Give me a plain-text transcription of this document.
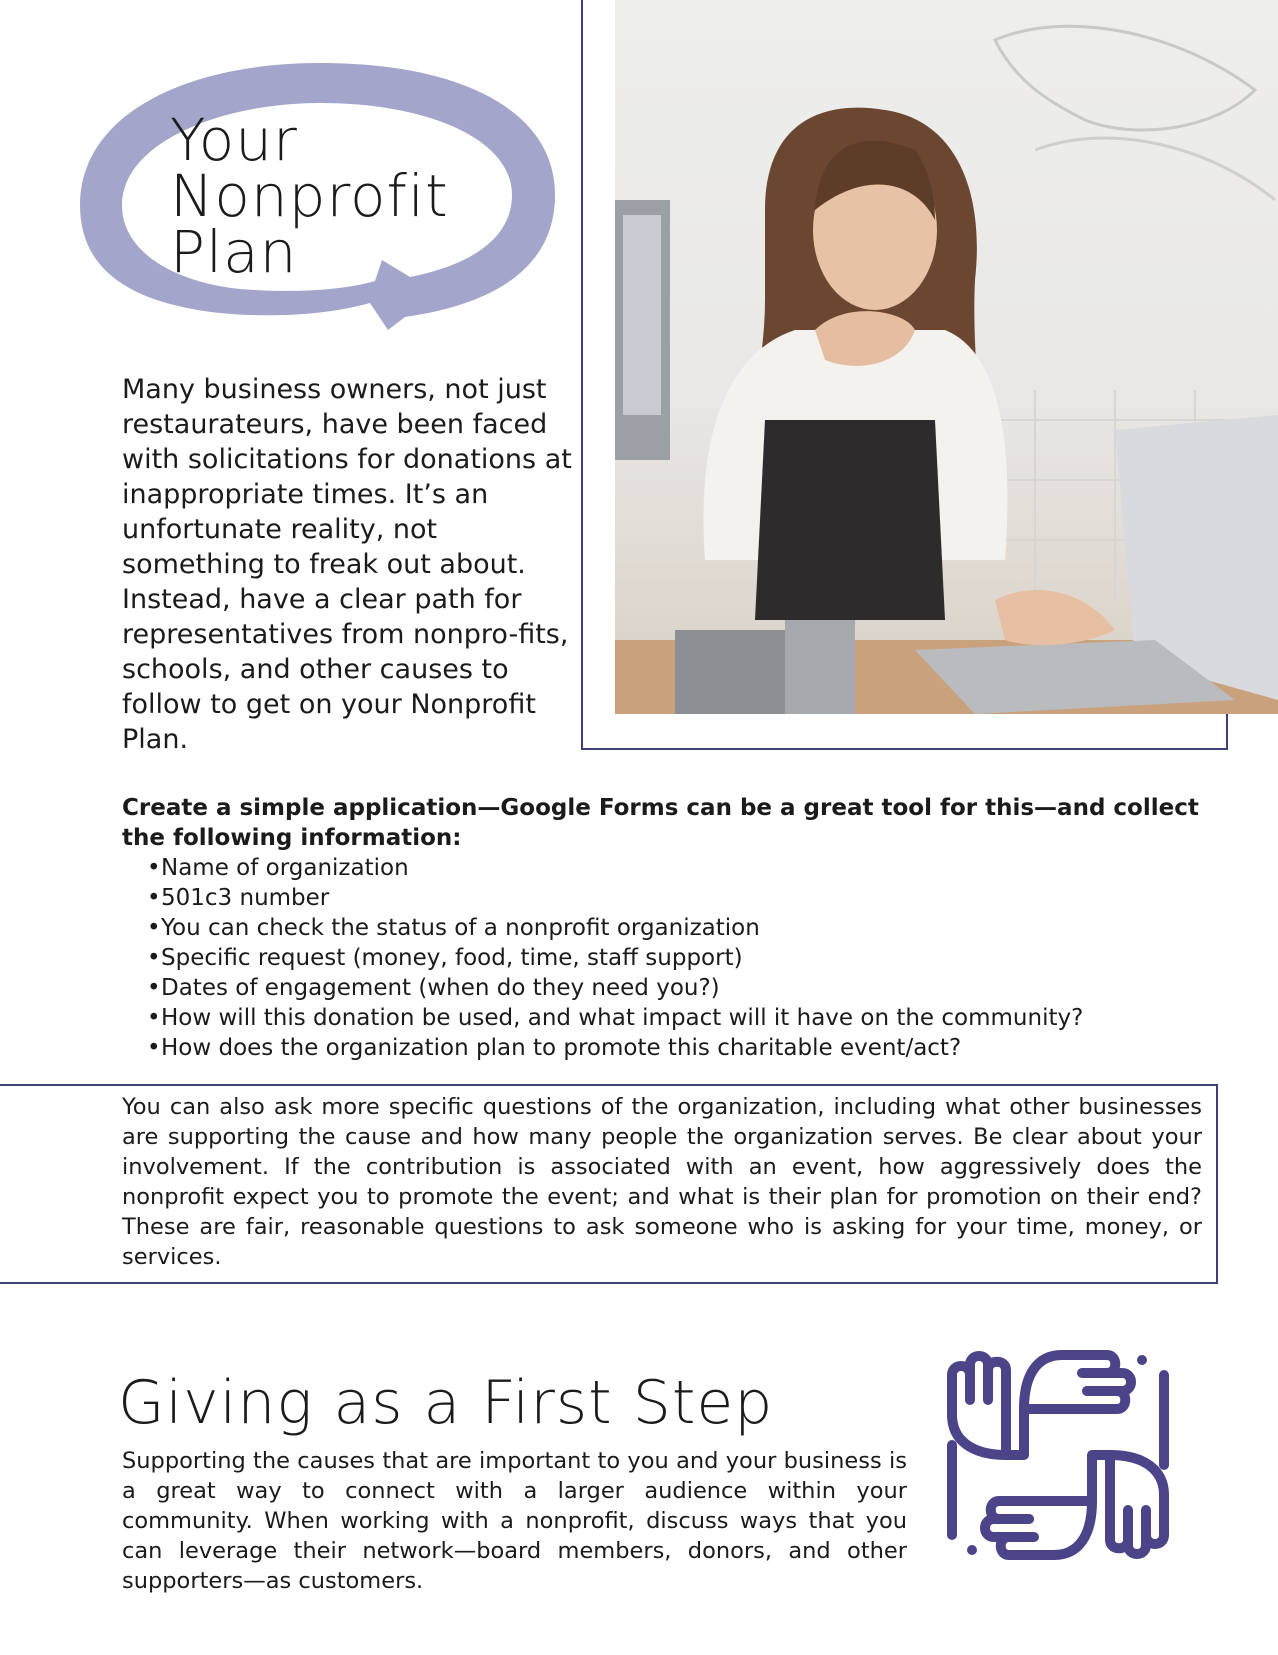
Your
Nonprofit
Plan

Many business owners, not just restaurateurs, have been faced with solicitations for donations at inappropriate times. It’s an unfortunate reality, not something to freak out about. Instead, have a clear path for representatives from nonpro-fits, schools, and other causes to follow to get on your Nonprofit Plan.

Create a simple application—Google Forms can be a great tool for this—and collect the following information:

•Name of organization
•501c3 number
•You can check the status of a nonprofit organization
•Specific request (money, food, time, staff support)
•Dates of engagement (when do they need you?)
•How will this donation be used, and what impact will it have on the community?
•How does the organization plan to promote this charitable event/act?

You can also ask more specific questions of the organization, including what other businesses are supporting the cause and how many people the organization serves. Be clear about your involvement. If the contribution is associated with an event, how aggressively does the nonprofit expect you to promote the event; and what is their plan for promotion on their end? These are fair, reasonable questions to ask someone who is asking for your time, money, or services.

Giving as a First Step

Supporting the causes that are important to you and your business is a great way to connect with a larger audience within your community. When working with a nonprofit, discuss ways that you can leverage their network—board members, donors, and other supporters—as customers.
